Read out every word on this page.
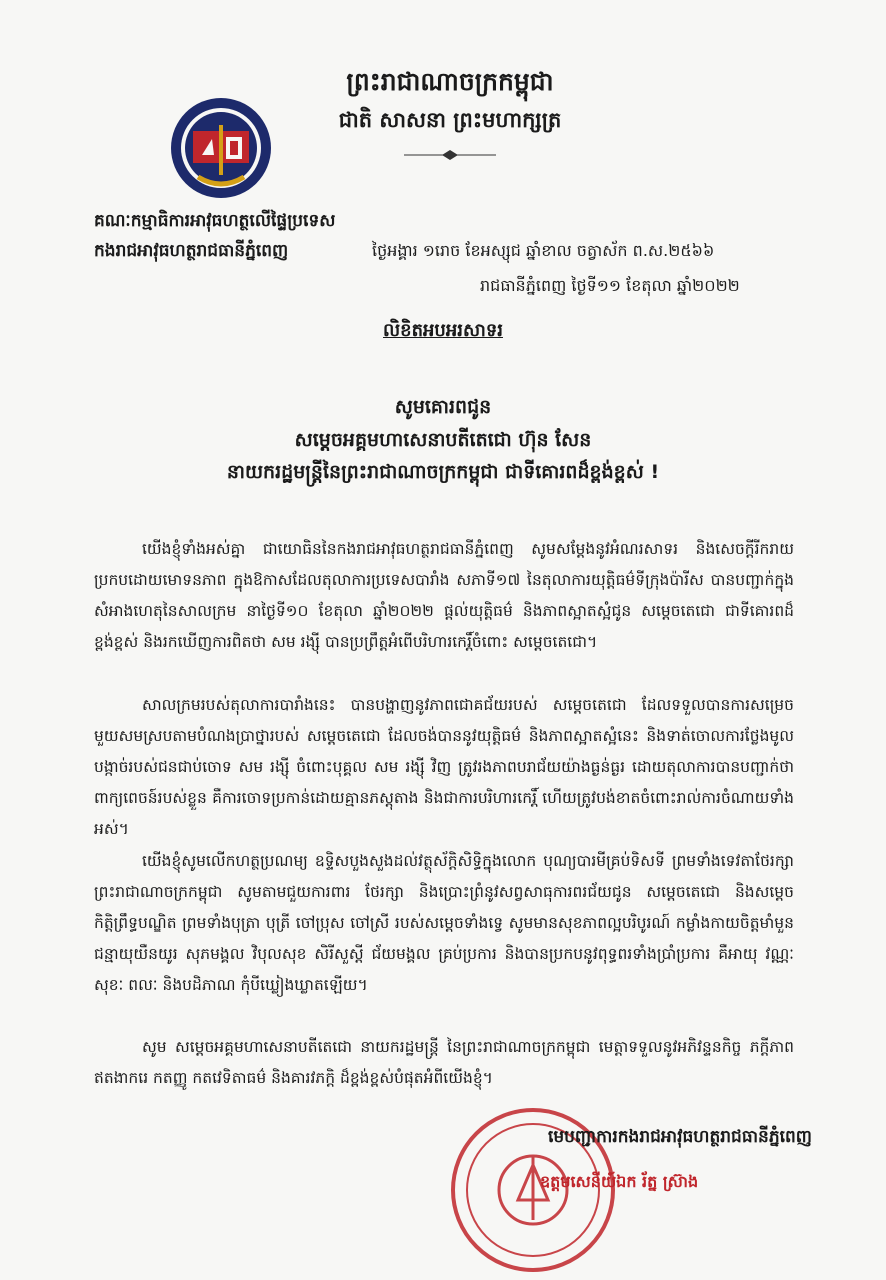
ព្រះរាជាណាចក្រកម្ពុជា
ជាតិ សាសនា ព្រះមហាក្សត្រ
គណៈកម្មាធិការអាវុធហត្ថលើផ្ទៃប្រទេស
កងរាជអាវុធហត្ថរាជធានីភ្នំពេញ	ថ្ងៃអង្គារ ១រោច ខែអស្សុជ ឆ្នាំខាល ចត្វាស័ក ព.ស.២៥៦៦
រាជធានីភ្នំពេញ ថ្ងៃទី១១ ខែតុលា ឆ្នាំ២០២២
លិខិតអបអរសាទរ
សូមគោរពជូន
សម្តេចអគ្គមហាសេនាបតីតេជោ ហ៊ុន សែន
នាយករដ្ឋមន្ត្រីនៃព្រះរាជាណាចក្រកម្ពុជា ជាទីគោរពដ៏ខ្ពង់ខ្ពស់ !

យើងខ្ញុំទាំងអស់គ្នា ជាយោធិននៃកងរាជអាវុធហត្ថរាជធានីភ្នំពេញ សូមសម្តែងនូវអំណរសាទរ និងសេចក្តីរីករាយ ប្រកបដោយមោទនភាព ក្នុងឱកាសដែលតុលាការប្រទេសបារាំង សភាទី១៧ នៃតុលាការយុត្តិធម៌ទីក្រុងប៉ារីស បានបញ្ជាក់ក្នុងសំអាងហេតុនៃសាលក្រម នាថ្ងៃទី១០ ខែតុលា ឆ្នាំ២០២២ ផ្តល់យុត្តិធម៌ និងភាពស្អាតស្អំជូន សម្តេចតេជោ ជាទីគោរពដ៏ខ្ពង់ខ្ពស់ និងរកឃើញការពិតថា សម រង្ស៊ី បានប្រព្រឹត្តអំពើបរិហារកេរ្តិ៍ចំពោះ សម្តេចតេជោ។

សាលក្រមរបស់តុលាការបារាំងនេះ បានបង្ហាញនូវភាពជោគជ័យរបស់ សម្តេចតេជោ ដែលទទួលបានការសម្រេចមួយសមស្របតាមបំណងប្រាថ្នារបស់ សម្តេចតេជោ ដែលចង់បាននូវយុត្តិធម៌ និងភាពស្អាតស្អំនេះ និងទាត់ចោលការថ្លែងមូលបង្កាច់របស់ជនជាប់ចោទ សម រង្ស៊ី ចំពោះបុគ្គល សម រង្ស៊ី វិញ ត្រូវរងភាពបរាជ័យយ៉ាងធ្ងន់ធ្ងរ ដោយតុលាការបានបញ្ជាក់ថា ពាក្យពេចន៍របស់ខ្លួន គឺការចោទប្រកាន់ដោយគ្មានភស្តុតាង និងជាការបរិហារកេរ្តិ៍ ហើយត្រូវបង់ខាតចំពោះរាល់ការចំណាយទាំងអស់។

យើងខ្ញុំសូមលើកហត្ថប្រណម្យ ឧទ្ទិសបួងសួងដល់វត្ថុស័ក្តិសិទ្ធិក្នុងលោក បុណ្យបារមីគ្រប់ទិសទី ព្រមទាំងទេវតាថែរក្សាព្រះរាជាណាចក្រកម្ពុជា សូមតាមជួយការពារ ថែរក្សា និងប្រោះព្រំនូវសព្វសាធុការពរជ័យជូន សម្តេចតេជោ និងសម្តេចកិត្តិព្រឹទ្ធបណ្ឌិត ព្រមទាំងបុត្រា បុត្រី ចៅប្រុស ចៅស្រី របស់សម្តេចទាំងទ្វេ សូមមានសុខភាពល្អបរិបូរណ៍ កម្លាំងកាយចិត្តមាំមួន ជន្មាយុយឺនយូរ សុភមង្គល វិបុលសុខ សិរីសួស្តី ជ័យមង្គល គ្រប់ប្រការ និងបានប្រកបនូវពុទ្ធពរទាំងប្រាំប្រការ គឺអាយុ វណ្ណៈ សុខៈ ពលៈ និងបដិភាណ កុំបីឃ្លៀងឃ្លាតឡើយ។

សូម សម្តេចអគ្គមហាសេនាបតីតេជោ នាយករដ្ឋមន្ត្រី នៃព្រះរាជាណាចក្រកម្ពុជា មេត្តាទទួលនូវអភិវន្ទនកិច្ច ភក្តីភាពឥតងាករេ កតញ្ញូ កតវេទិតាធម៌ និងគារវភក្តិ ដ៏ខ្ពង់ខ្ពស់បំផុតអំពីយើងខ្ញុំ។

មេបញ្ជាការកងរាជអាវុធហត្ថរាជធានីភ្នំពេញ
ឧត្តមសេនីយ៍ឯក រ័ត្ន ស្រ៊ាង
